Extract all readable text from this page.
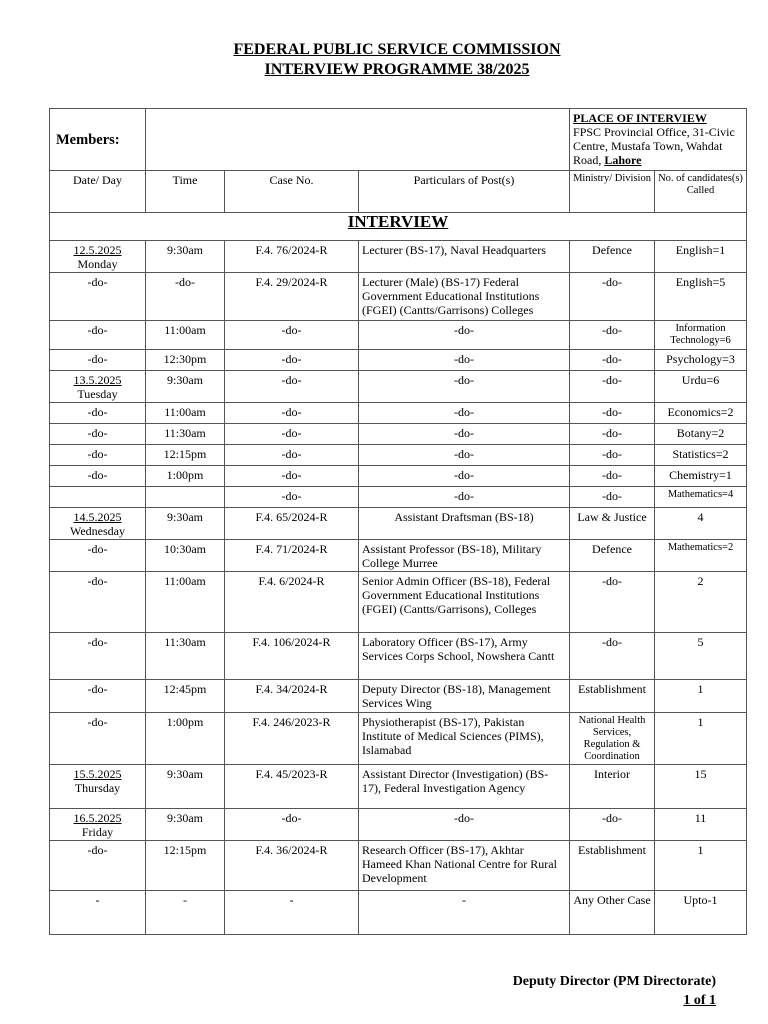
FEDERAL PUBLIC SERVICE COMMISSION
INTERVIEW PROGRAMME 38/2025
Members:				PLACE OF INTERVIEW
FPSC Provincial Office, 31-Civic Centre, Mustafa Town, Wahdat Road, Lahore	

Date/ Day	Time	Case No.	Particulars of Post(s)	Ministry/ Division	No. of candidates(s) Called
INTERVIEW					

12.5.2025
Monday	9:30am	F.4. 76/2024-R	Lecturer (BS-17), Naval Headquarters	Defence	English=1
-do-	-do-	F.4. 29/2024-R	Lecturer (Male) (BS-17) Federal Government Educational Institutions (FGEI) (Cantts/Garrisons) Colleges	-do-	English=5
-do-	11:00am	-do-	-do-	-do-	Information Technology=6
-do-	12:30pm	-do-	-do-	-do-	Psychology=3

13.5.2025
Tuesday	9:30am	-do-	-do-	-do-	Urdu=6
-do-	11:00am	-do-	-do-	-do-	Economics=2
-do-	11:30am	-do-	-do-	-do-	Botany=2
-do-	12:15pm	-do-	-do-	-do-	Statistics=2
-do-	1:00pm	-do-	-do-	-do-	Chemistry=1
		-do-	-do-	-do-	Mathematics=4

14.5.2025
Wednesday	9:30am	F.4. 65/2024-R	Assistant Draftsman (BS-18)	Law & Justice	4
-do-	10:30am	F.4. 71/2024-R	Assistant Professor (BS-18), Military College Murree	Defence	Mathematics=2
-do-	11:00am	F.4. 6/2024-R	Senior Admin Officer (BS-18), Federal Government Educational Institutions (FGEI) (Cantts/Garrisons), Colleges	-do-	2
-do-	11:30am	F.4. 106/2024-R	Laboratory Officer (BS-17), Army Services Corps School, Nowshera Cantt	-do-	5
-do-	12:45pm	F.4. 34/2024-R	Deputy Director (BS-18), Management Services Wing	Establishment	1
-do-	1:00pm	F.4. 246/2023-R	Physiotherapist (BS-17), Pakistan Institute of Medical Sciences (PIMS), Islamabad	National Health Services, Regulation & Coordination	1

15.5.2025
Thursday	9:30am	F.4. 45/2023-R	Assistant Director (Investigation) (BS-17), Federal Investigation Agency	Interior	15

16.5.2025
Friday	9:30am	-do-	-do-	-do-	11
-do-	12:15pm	F.4. 36/2024-R	Research Officer (BS-17), Akhtar Hameed Khan National Centre for Rural Development	Establishment	1
-	-	-	-	Any Other Case	Upto-1
Deputy Director (PM Directorate)
1 of 1
